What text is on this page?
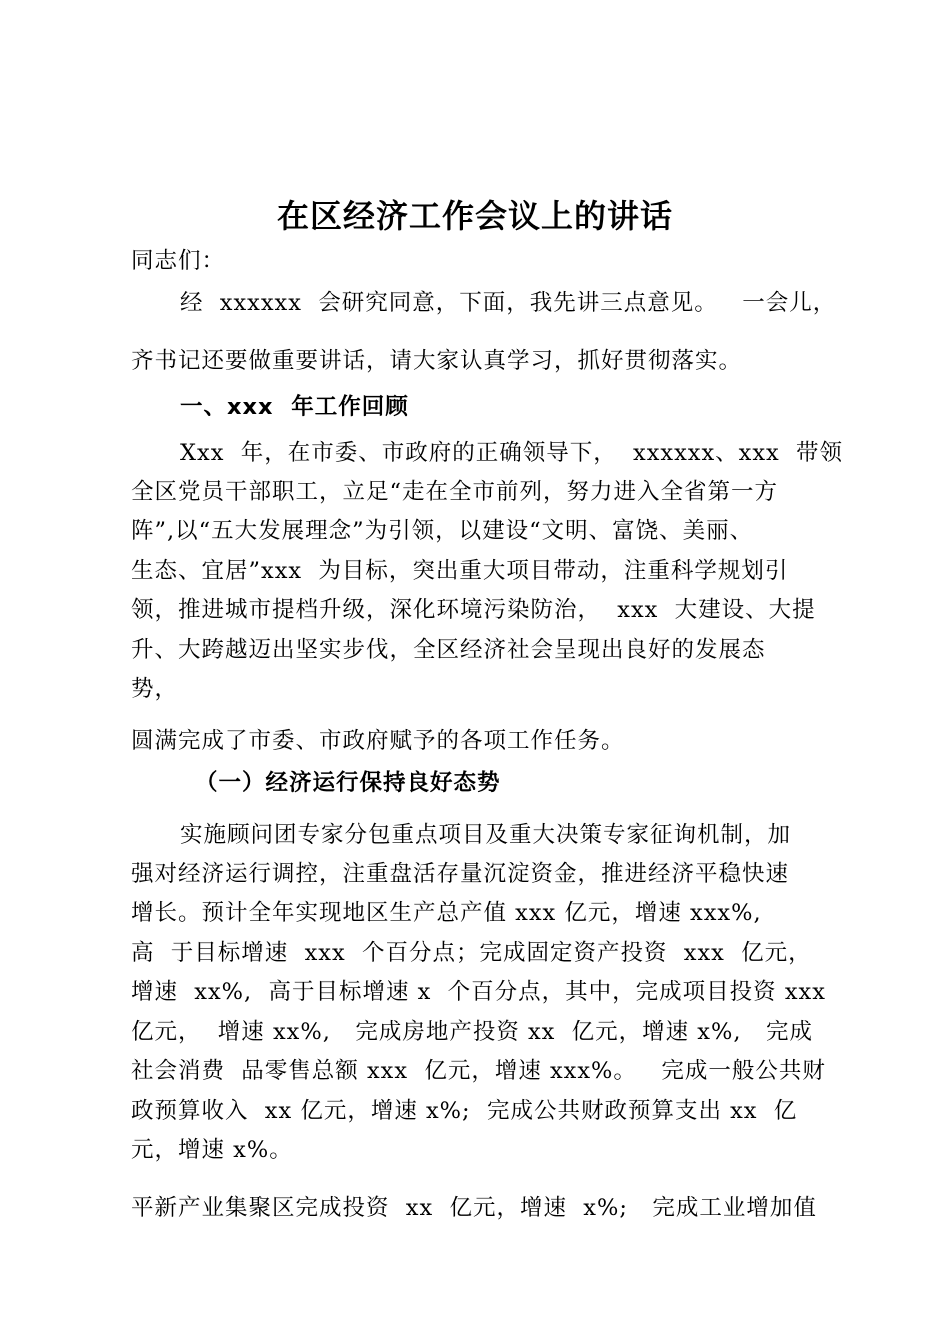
在区经济工作会议上的讲话

同志们：

经  xxxxxx  会研究同意，下面，我先讲三点意见。   一会儿，

齐书记还要做重要讲话，请大家认真学习，抓好贯彻落实。

一、xxx  年工作回顾

Xxx  年，在市委、市政府的正确领导下，  xxxxxx、xxx  带领

全区党员干部职工，立足“走在全市前列，努力进入全省第一方

阵”,以“五大发展理念”为引领，以建设“文明、富饶、美丽、

生态、宜居”xxx  为目标，突出重大项目带动，注重科学规划引

领，推进城市提档升级，深化环境污染防治，  xxx  大建设、大提

升、大跨越迈出坚实步伐，全区经济社会呈现出良好的发展态

势，

圆满完成了市委、市政府赋予的各项工作任务。

（一）经济运行保持良好态势

实施顾问团专家分包重点项目及重大决策专家征询机制，加

强对经济运行调控，注重盘活存量沉淀资金，推进经济平稳快速

增长。预计全年实现地区生产总产值 xxx 亿元，增速 xxx%,

高  于目标增速  xxx  个百分点；完成固定资产投资  xxx  亿元，

增速  xx%,  高于目标增速 x  个百分点，其中，完成项目投资 xxx

亿元，  增速 xx%,   完成房地产投资 xx  亿元，增速 x%,   完成

社会消费  品零售总额 xxx  亿元，增速 xxx%。   完成一般公共财

政预算收入  xx 亿元，增速 x%;  完成公共财政预算支出 xx  亿

元，增速 x%。

平新产业集聚区完成投资  xx  亿元，增速  x%;   完成工业增加值
